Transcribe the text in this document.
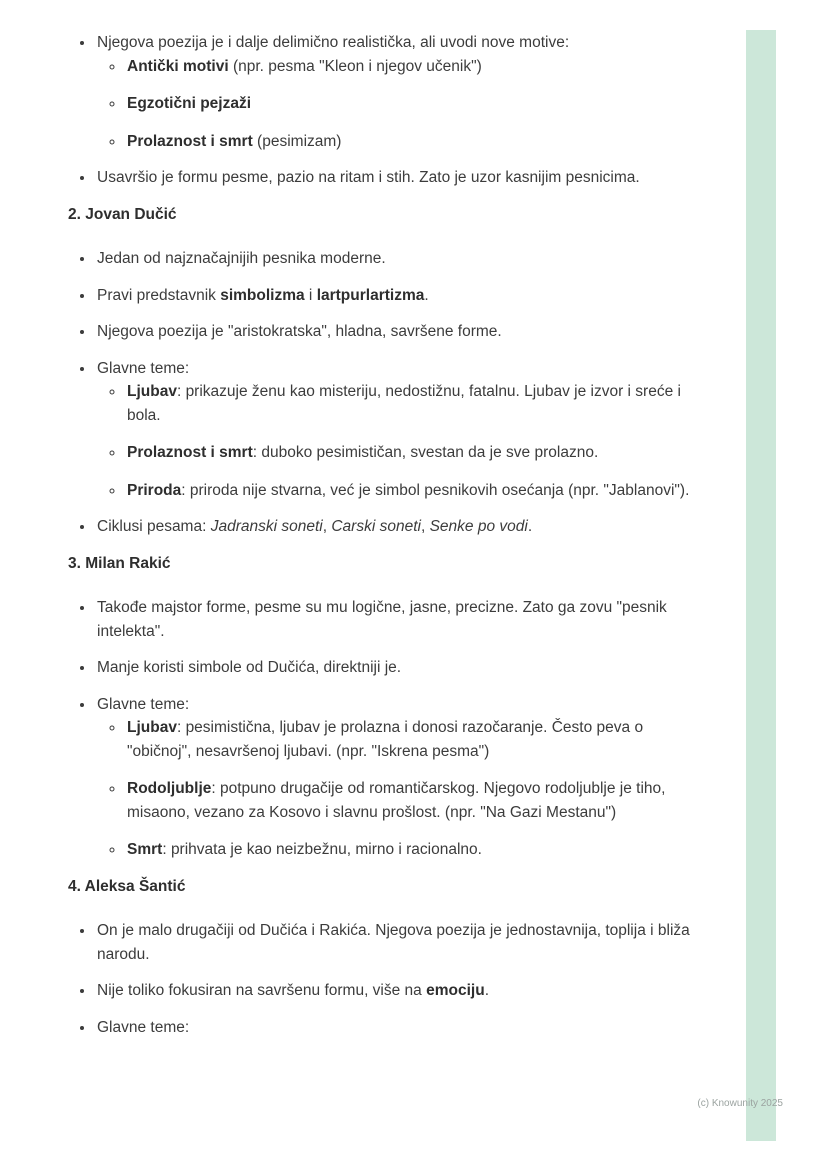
• Njegova poezija je i dalje delimično realistička, ali uvodi nove motive:
◦ Antički motivi (npr. pesma "Kleon i njegov učenik")
◦ Egzotični pejzaži
◦ Prolaznost i smrt (pesimizam)
• Usavršio je formu pesme, pazio na ritam i stih. Zato je uzor kasnijim pesnicima.
2. Jovan Dučić
• Jedan od najznačajnijih pesnika moderne.
• Pravi predstavnik simbolizma i lartpurlartizma.
• Njegova poezija je "aristokratska", hladna, savršene forme.
• Glavne teme:
◦ Ljubav: prikazuje ženu kao misteriju, nedostižnu, fatalnu. Ljubav je izvor i sreće i bola.
◦ Prolaznost i smrt: duboko pesimističan, svestan da je sve prolazno.
◦ Priroda: priroda nije stvarna, već je simbol pesnikovih osećanja (npr. "Jablanovi").
• Ciklusi pesama: Jadranski soneti, Carski soneti, Senke po vodi.
3. Milan Rakić
• Takođe majstor forme, pesme su mu logične, jasne, precizne. Zato ga zovu "pesnik intelekta".
• Manje koristi simbole od Dučića, direktniji je.
• Glavne teme:
◦ Ljubav: pesimistična, ljubav je prolazna i donosi razočaranje. Često peva o "običnoj", nesavršenoj ljubavi. (npr. "Iskrena pesma")
◦ Rodoljublje: potpuno drugačije od romantičarskog. Njegovo rodoljublje je tiho, misaono, vezano za Kosovo i slavnu prošlost. (npr. "Na Gazi Mestanu")
◦ Smrt: prihvata je kao neizbežnu, mirno i racionalno.
4. Aleksa Šantić
• On je malo drugačiji od Dučića i Rakića. Njegova poezija je jednostavnija, toplija i bliža narodu.
• Nije toliko fokusiran na savršenu formu, više na emociju.
• Glavne teme:
(c) Knowunity 2025
